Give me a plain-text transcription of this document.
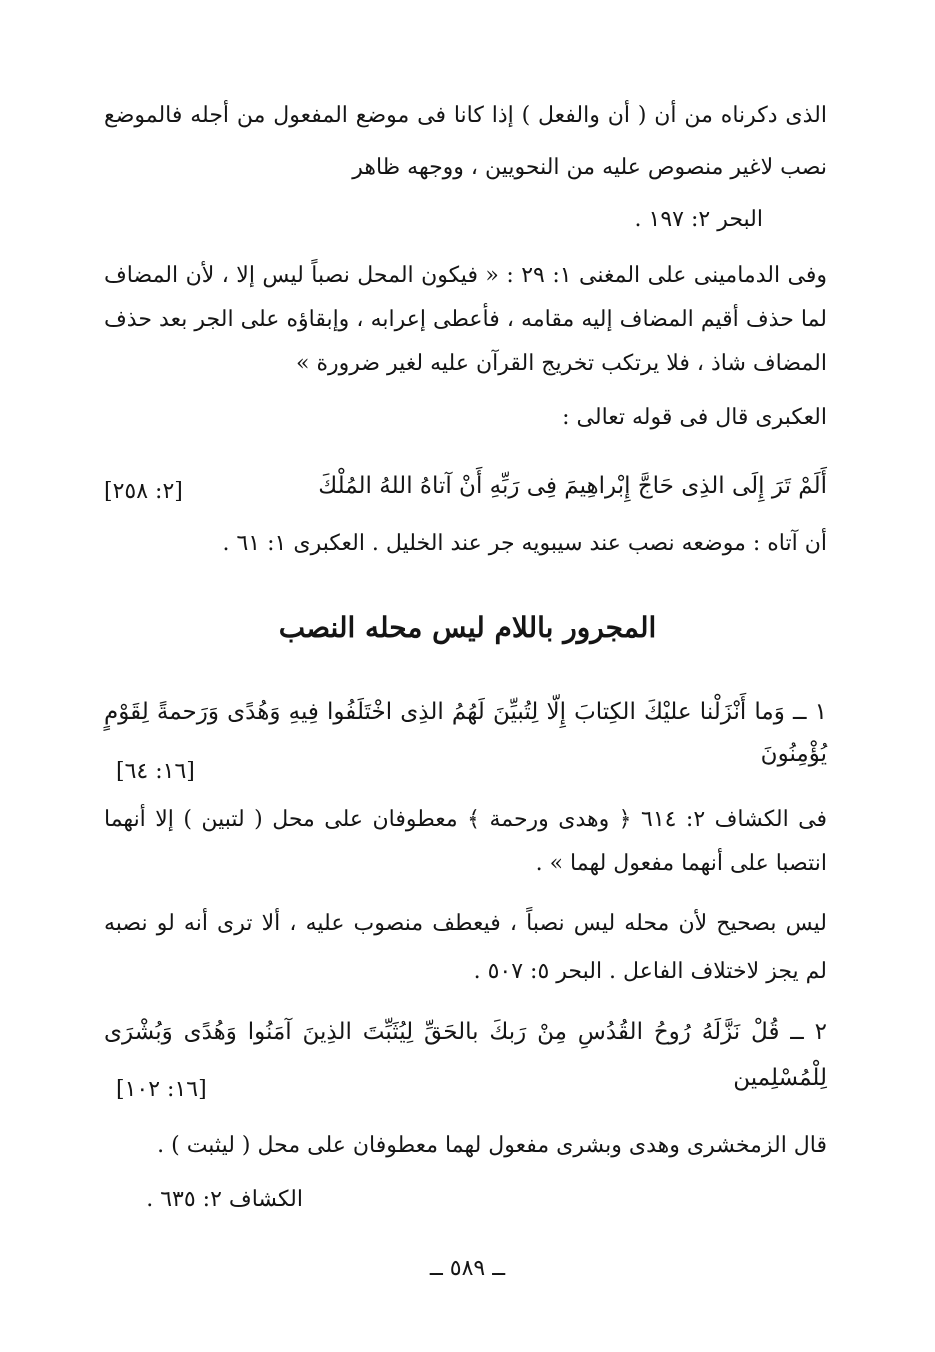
الذى دكرناه من أن ( أن والفعل ) إذا كانا فى موضع المفعول من أجله فالموضع
نصب لاغير منصوص عليه من النحويين ، ووجهه ظاهر
البحر ٢: ١٩٧ .
وفى الدمامينى على المغنى ١: ٢٩ : « فيكون المحل نصباً ليس إلا ، لأن المضاف
لما حذف أقيم المضاف إليه مقامه ، فأعطى إعرابه ، وإبقاؤه على الجر بعد حذف
المضاف شاذ ، فلا يرتكب تخريج القرآن عليه لغير ضرورة »
العكبرى قال فى قوله تعالى :
أَلَمْ تَرَ إِلَى الذِى حَاجَّ إِبْراهِيمَ فِى رَبِّهِ أَنْ آتاهُ اللهُ المُلْكَ
[٢: ٢٥٨]
أن آتاه : موضعه نصب عند سيبويه جر عند الخليل . العكبرى ١: ٦١ .
المجرور باللام ليس محله النصب
١ ــ وَما أَنْزَلْنا عليْكَ الكِتابَ إِلّا لِتُبيِّنَ لَهُمُ الذِى اخْتَلَفُوا فِيهِ وَهُدًى وَرَحمةً لِقَوْمٍ
يُؤْمِنُونَ
[١٦: ٦٤]
فى الكشاف ٢: ٦١٤ ﴿ وهدى ورحمة ﴾ معطوفان على محل ( لتبين ) إلا أنهما
انتصبا على أنهما مفعول لهما » .
ليس بصحيح لأن محله ليس نصباً ، فيعطف منصوب عليه ، ألا ترى أنه لو نصبه
لم يجز لاختلاف الفاعل . البحر ٥: ٥٠٧ .
٢ ــ قُلْ نَزَّلَهُ رُوحُ القُدُسِ مِنْ رَبكَ بالحَقِّ لِيُثَبِّتَ الذِينَ آمَنُوا وَهُدًى وَبُشْرَى
لِلْمُسْلِمين
[١٦: ١٠٢]
قال الزمخشرى وهدى وبشرى مفعول لهما معطوفان على محل ( ليثبت ) .
الكشاف ٢: ٦٣٥ .
ــ ٥٨٩ ــ
